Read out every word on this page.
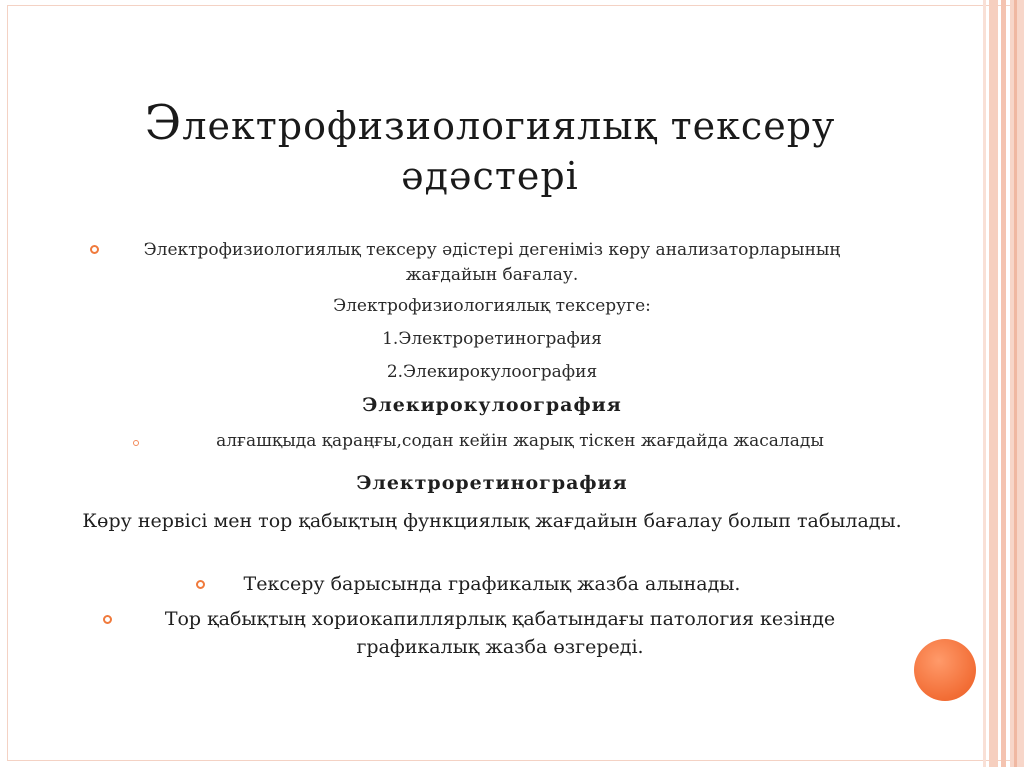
Электрофизиологиялық тексеру
әдәстері

Электрофизиологиялық тексеру әдістері дегеніміз көру анализаторларының жағдайын бағалау.

Электрофизиологиялық тексеруге:

1.Электроретинография

2.Элекирокулоография

Элекирокулоография

алғашқыда қараңғы,содан кейін жарық тіскен жағдайда жасалады

Электроретинография

Көру нервісі мен тор қабықтың функциялық жағдайын бағалау болып табылады.

Тексеру барысында графикалық жазба алынады.

Тор қабықтың хориокапиллярлық қабатындағы патология кезінде графикалық жазба өзгереді.
